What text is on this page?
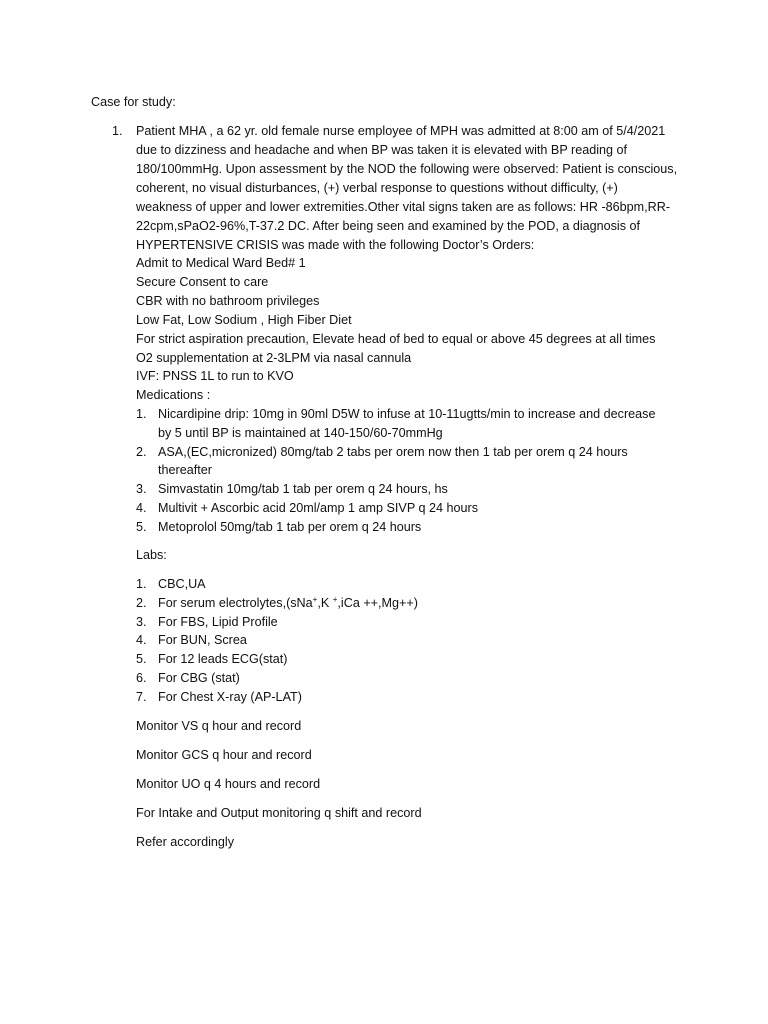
Case for study:
1. Patient MHA , a 62 yr. old female nurse employee of MPH was admitted at 8:00 am of 5/4/2021
due to dizziness and headache and when BP was taken it is elevated with BP reading of
180/100mmHg. Upon assessment by the NOD the following were observed: Patient is conscious,
coherent, no visual disturbances, (+) verbal response to questions without difficulty, (+)
weakness of upper and lower extremities.Other vital signs taken are as follows: HR -86bpm,RR-
22cpm,sPaO2-96%,T-37.2 DC. After being seen and examined by the POD, a diagnosis of
HYPERTENSIVE CRISIS was made with the following Doctor’s Orders:
Admit to Medical Ward Bed# 1
Secure Consent to care
CBR with no bathroom privileges
Low Fat, Low Sodium , High Fiber Diet
For strict aspiration precaution, Elevate head of bed to equal or above 45 degrees at all times
O2 supplementation at 2-3LPM via nasal cannula
IVF: PNSS 1L to run to KVO
Medications :
1. Nicardipine drip: 10mg in 90ml D5W to infuse at 10-11ugtts/min to increase and decrease
by 5 until BP is maintained at 140-150/60-70mmHg
2. ASA,(EC,micronized) 80mg/tab 2 tabs per orem now then 1 tab per orem q 24 hours
thereafter
3. Simvastatin 10mg/tab 1 tab per orem q 24 hours, hs
4. Multivit + Ascorbic acid 20ml/amp 1 amp SIVP q 24 hours
5. Metoprolol 50mg/tab 1 tab per orem q 24 hours
Labs:
1. CBC,UA
2. For serum electrolytes,(sNa+,K +,iCa ++,Mg++)
3. For FBS, Lipid Profile
4. For BUN, Screa
5. For 12 leads ECG(stat)
6. For CBG (stat)
7. For Chest X-ray (AP-LAT)
Monitor VS q hour and record
Monitor GCS q hour and record
Monitor UO q 4 hours and record
For Intake and Output monitoring q shift and record
Refer accordingly
